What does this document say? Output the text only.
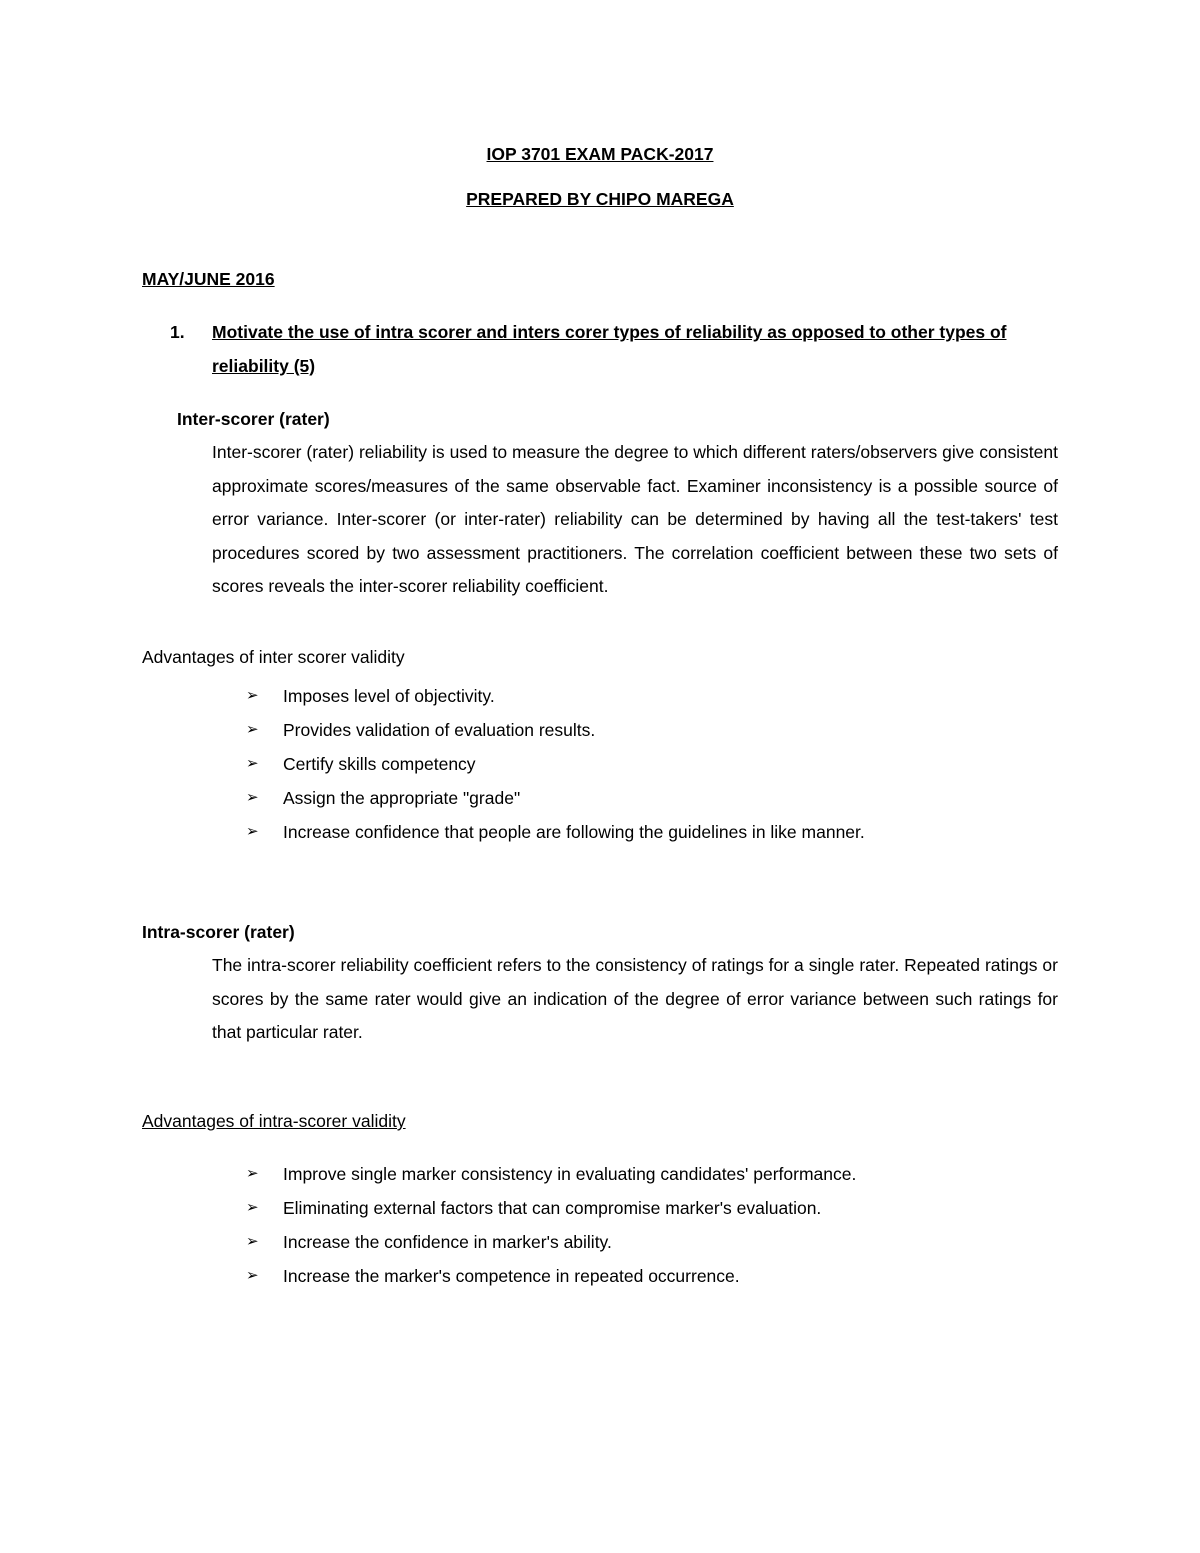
IOP 3701 EXAM PACK-2017
PREPARED BY CHIPO MAREGA
MAY/JUNE 2016
1. Motivate the use of intra scorer and inters corer types of reliability as opposed to other types of reliability (5)
Inter-scorer (rater)

Inter-scorer (rater) reliability is used to measure the degree to which different raters/observers give consistent approximate scores/measures of the same observable fact. Examiner inconsistency is a possible source of error variance. Inter-scorer (or inter-rater) reliability can be determined by having all the test-takers' test procedures scored by two assessment practitioners. The correlation coefficient between these two sets of scores reveals the inter-scorer reliability coefficient.

Advantages of inter scorer validity
➢	Imposes level of objectivity.
➢	Provides validation of evaluation results.
➢	Certify skills competency
➢	Assign the appropriate "grade"
➢	Increase confidence that people are following the guidelines in like manner.
Intra-scorer (rater)

The intra-scorer reliability coefficient refers to the consistency of ratings for a single rater. Repeated ratings or scores by the same rater would give an indication of the degree of error variance between such ratings for that particular rater.

Advantages of intra-scorer validity
➢	Improve single marker consistency in evaluating candidates' performance.
➢	Eliminating external factors that can compromise marker's evaluation.
➢	Increase the confidence in marker's ability.
➢	Increase the marker's competence in repeated occurrence.
